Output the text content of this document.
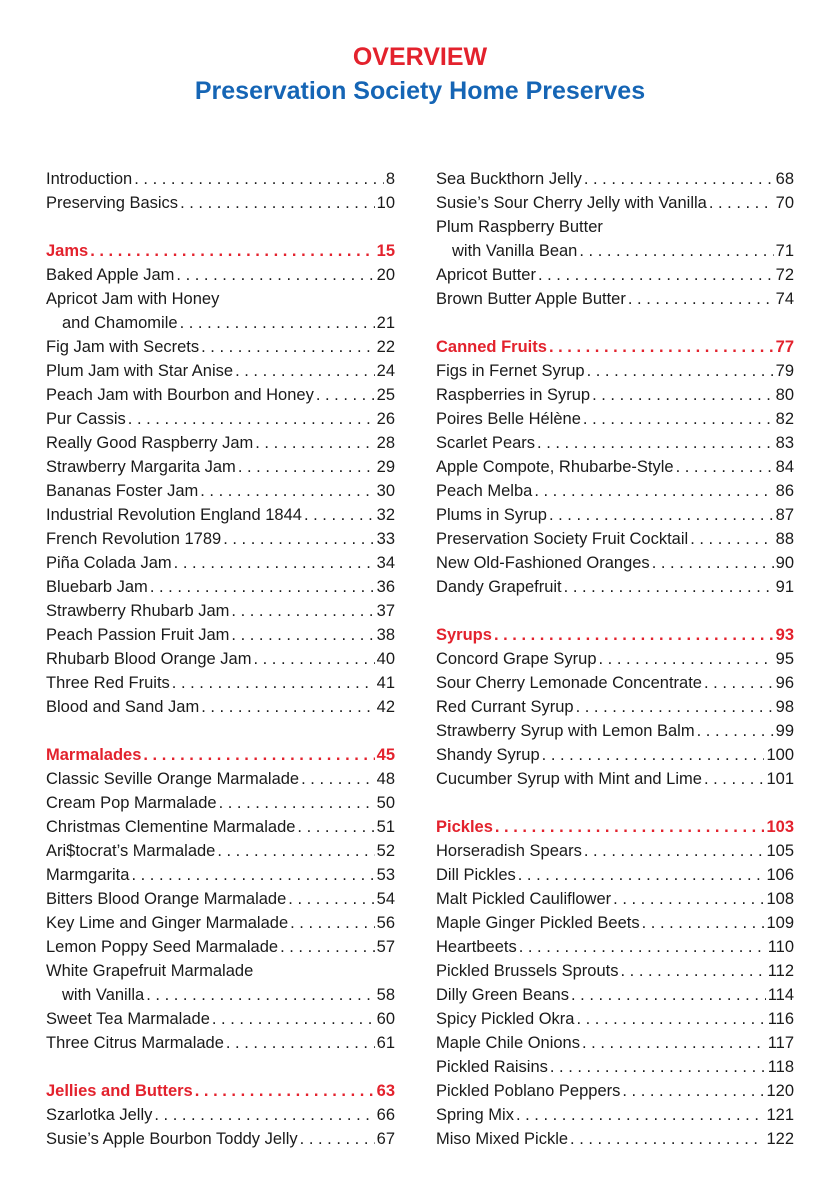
OVERVIEW
Preservation Society Home Preserves
Introduction . . .	8
Preserving Basics . . .	10
Jams . . .	15
Baked Apple Jam . . .	20
Apricot Jam with Honey
and Chamomile . . .	21
Fig Jam with Secrets . . .	22
Plum Jam with Star Anise . . .	24
Peach Jam with Bourbon and Honey . . .	25
Pur Cassis . . .	26
Really Good Raspberry Jam . . .	28
Strawberry Margarita Jam . . .	29
Bananas Foster Jam . . .	30
Industrial Revolution England 1844 . . .	32
French Revolution 1789 . . .	33
Piña Colada Jam . . .	34
Bluebarb Jam . . .	36
Strawberry Rhubarb Jam . . .	37
Peach Passion Fruit Jam . . .	38
Rhubarb Blood Orange Jam . . .	40
Three Red Fruits . . .	41
Blood and Sand Jam . . .	42
Marmalades . . .	45
Classic Seville Orange Marmalade . . .	48
Cream Pop Marmalade . . .	50
Christmas Clementine Marmalade . . .	51
Ari$tocrat’s Marmalade . . .	52
Marmgarita . . .	53
Bitters Blood Orange Marmalade . . .	54
Key Lime and Ginger Marmalade . . .	56
Lemon Poppy Seed Marmalade . . .	57
White Grapefruit Marmalade
with Vanilla . . .	58
Sweet Tea Marmalade . . .	60
Three Citrus Marmalade . . .	61
Jellies and Butters . . .	63
Szarlotka Jelly . . .	66
Susie’s Apple Bourbon Toddy Jelly . . .	67
Sea Buckthorn Jelly . . .	68
Susie’s Sour Cherry Jelly with Vanilla . . .	70
Plum Raspberry Butter
with Vanilla Bean . . .	71
Apricot Butter . . .	72
Brown Butter Apple Butter . . .	74
Canned Fruits . . .	77
Figs in Fernet Syrup . . .	79
Raspberries in Syrup . . .	80
Poires Belle Hélène . . .	82
Scarlet Pears . . .	83
Apple Compote, Rhubarbe-Style . . .	84
Peach Melba . . .	86
Plums in Syrup . . .	87
Preservation Society Fruit Cocktail . . .	88
New Old-Fashioned Oranges . . .	90
Dandy Grapefruit . . .	91
Syrups . . .	93
Concord Grape Syrup . . .	95
Sour Cherry Lemonade Concentrate . . .	96
Red Currant Syrup . . .	98
Strawberry Syrup with Lemon Balm . . .	99
Shandy Syrup . . .	100
Cucumber Syrup with Mint and Lime . . .	101
Pickles . . .	103
Horseradish Spears . . .	105
Dill Pickles . . .	106
Malt Pickled Cauliflower . . .	108
Maple Ginger Pickled Beets . . .	109
Heartbeets . . .	110
Pickled Brussels Sprouts . . .	112
Dilly Green Beans . . .	114
Spicy Pickled Okra . . .	116
Maple Chile Onions . . .	117
Pickled Raisins . . .	118
Pickled Poblano Peppers . . .	120
Spring Mix . . .	121
Miso Mixed Pickle . . .	122
